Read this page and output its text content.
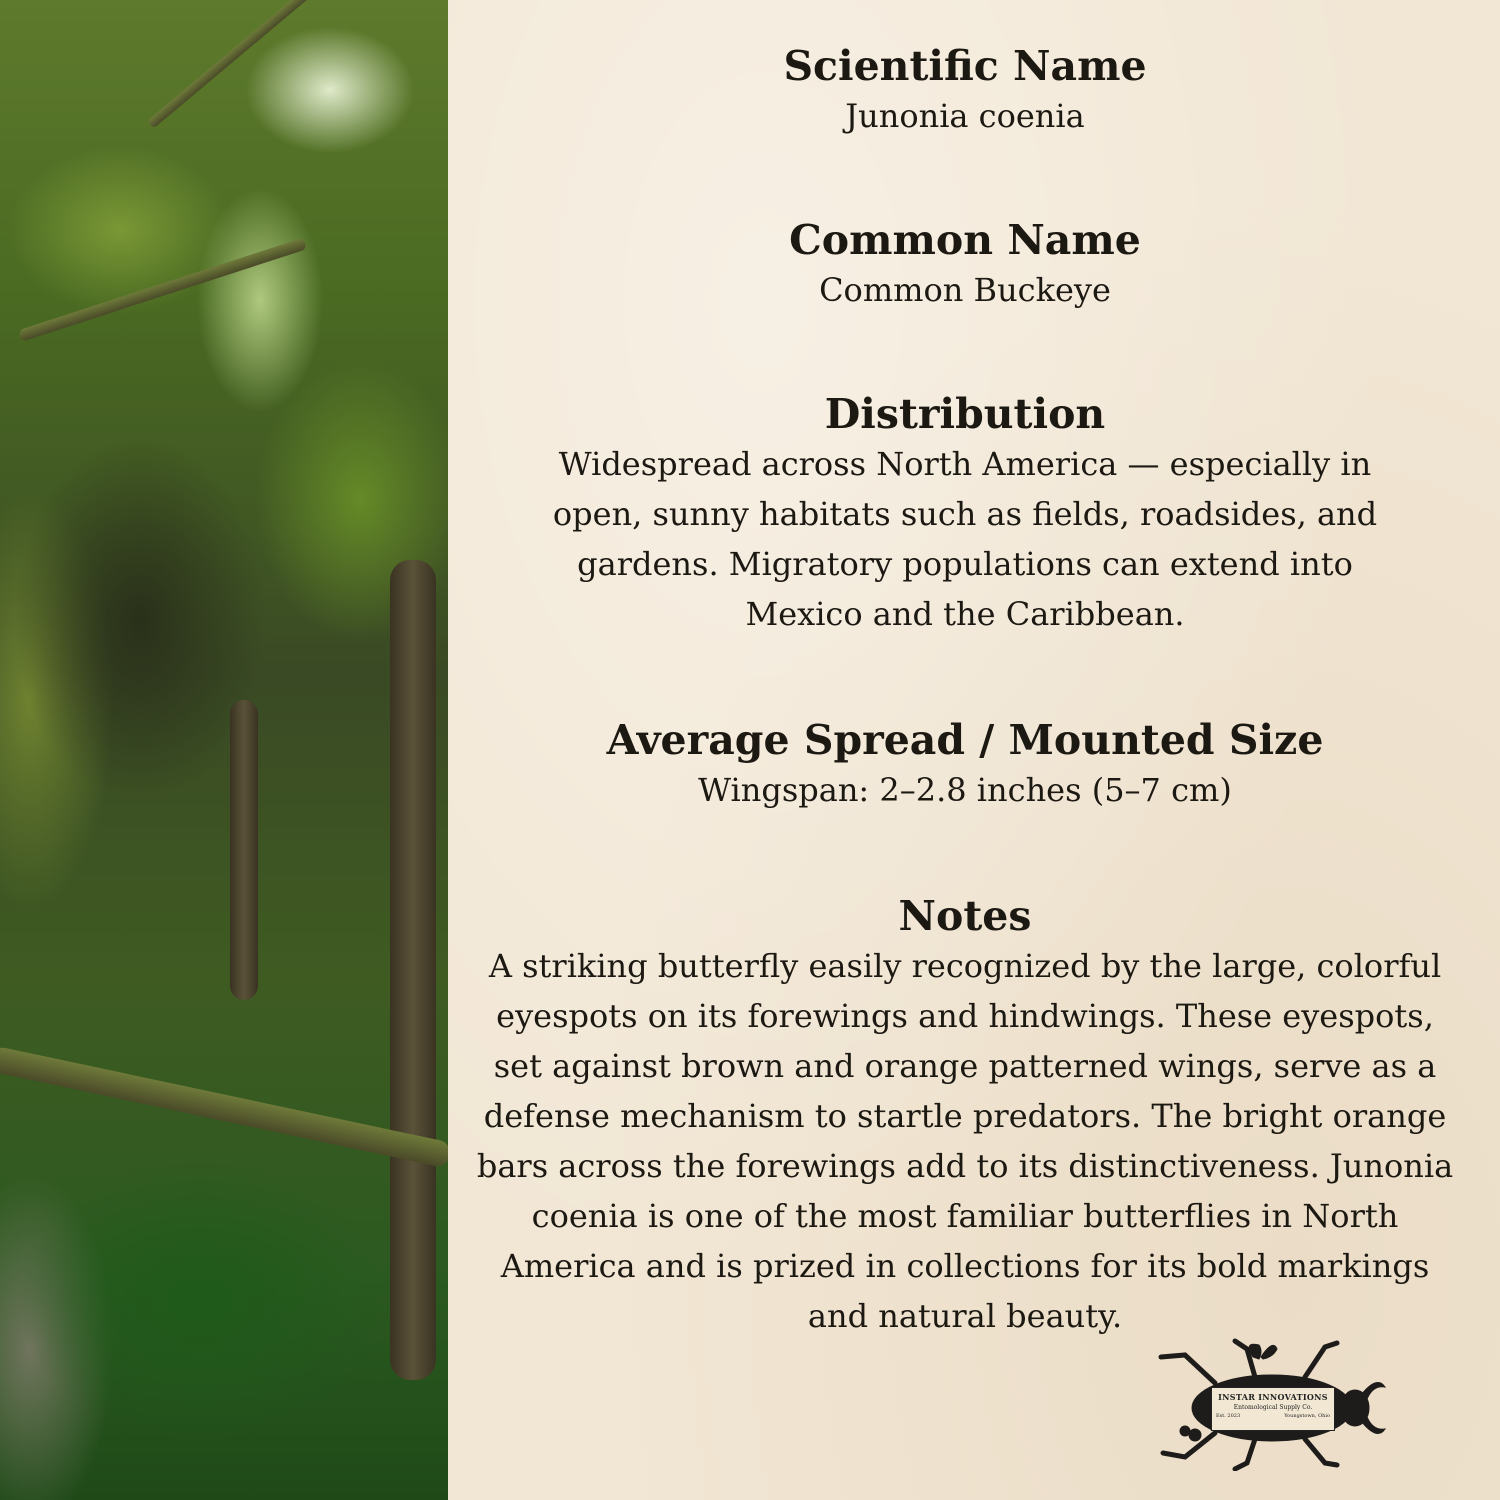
Scientific Name

Junonia coenia

Common Name

Common Buckeye

Distribution

Widespread across North America — especially in open, sunny habitats such as fields, roadsides, and gardens. Migratory populations can extend into Mexico and the Caribbean.

Average Spread / Mounted Size

Wingspan: 2–2.8 inches (5–7 cm)

Notes

A striking butterfly easily recognized by the large, colorful eyespots on its forewings and hindwings. These eyespots, set against brown and orange patterned wings, serve as a defense mechanism to startle predators. The bright orange bars across the forewings add to its distinctiveness. Junonia coenia is one of the most familiar butterflies in North America and is prized in collections for its bold markings and natural beauty.

INSTAR INNOVATIONS
Entomological Supply Co.
Est. 2023	Youngstown, Ohio
